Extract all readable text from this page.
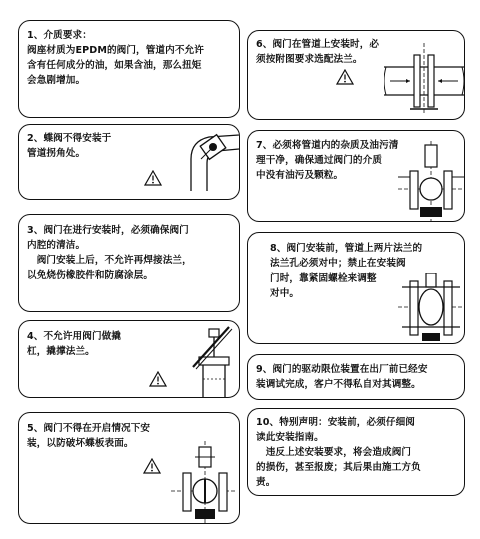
1、介质要求：
阀座材质为EPDM的阀门，管道内不允许
含有任何成分的油，如果含油，那么扭矩
会急剧增加。
2、蝶阀不得安装于
管道拐角处。
3、阀门在进行安装时，必须确保阀门
内腔的清洁。
　阀门安装上后，不允许再焊接法兰，
以免烧伤橡胶件和防腐涂层。
4、不允许用阀门做撬
杠，撬撑法兰。
5、阀门不得在开启情况下安
装，以防破坏蝶板表面。
6、阀门在管道上安装时，必
须按附图要求选配法兰。
7、必须将管道内的杂质及油污清
理干净，确保通过阀门的介质
中没有油污及颗粒。
8、阀门安装前，管道上两片法兰的
法兰孔必须对中；禁止在安装阀
门时，靠紧固螺栓来调整
对中。
9、阀门的驱动限位装置在出厂前已经安
装调试完成，客户不得私自对其调整。
10、特别声明：安装前，必须仔细阅
读此安装指南。
　违反上述安装要求，将会造成阀门
的损伤，甚至报废；其后果由施工方负
责。
